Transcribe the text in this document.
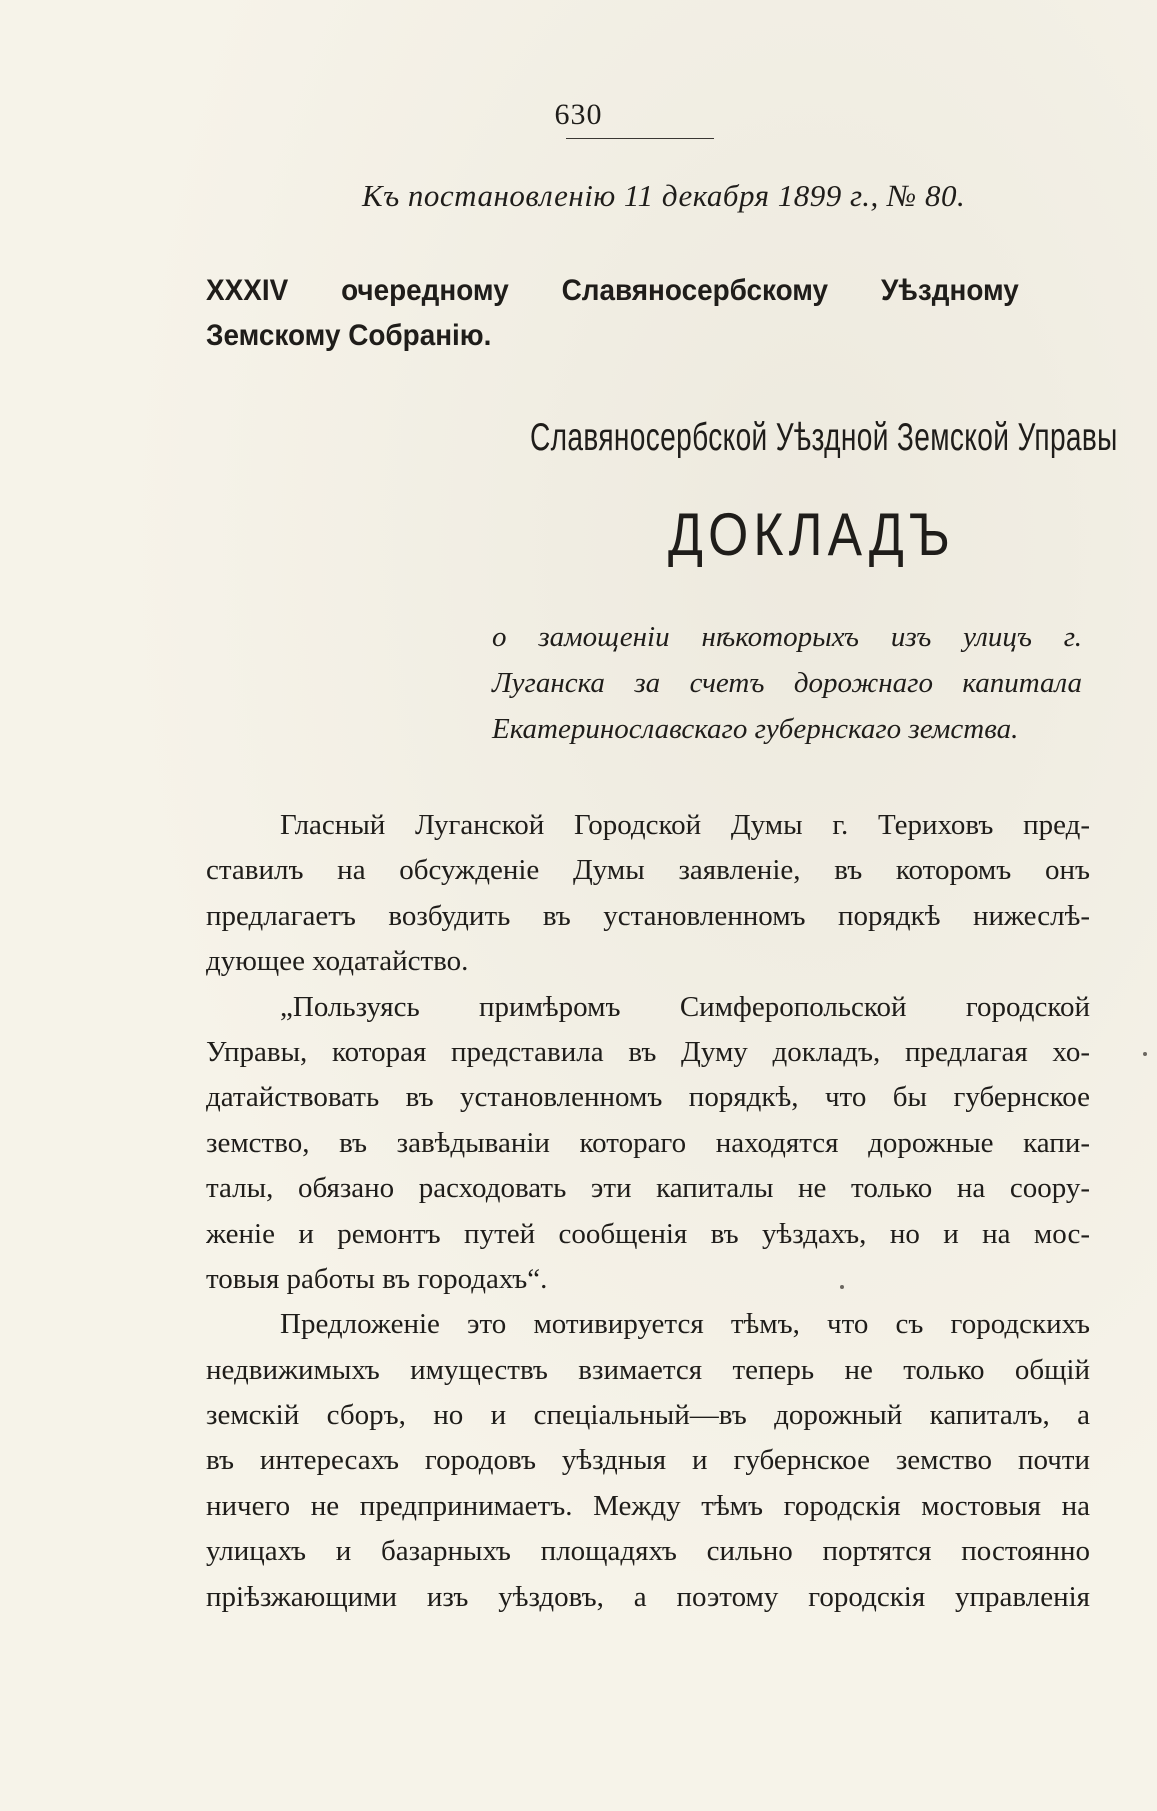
630
Къ постановленію 11 декабря 1899 г., № 80.
XXXIV очередному Славяносербскому Уѣздному Земскому Собранію.
Славяносербской Уѣздной Земской Управы
ДОКЛАДЪ
о замощеніи нѣкоторыхъ изъ улицъ г.
Луганска за счетъ дорожнаго капитала
Екатеринославскаго губернскаго земства.
Гласный Луганской Городской Думы г. Териховъ пред-
ставилъ на обсужденіе Думы заявленіе, въ которомъ онъ
предлагаетъ возбудить въ установленномъ порядкѣ нижеслѣ-
дующее ходатайство.
„Пользуясь примѣромъ Симферопольской городской
Управы, которая представила въ Думу докладъ, предлагая хо-
датайствовать въ установленномъ порядкѣ, что бы губернское
земство, въ завѣдываніи котораго находятся дорожные капи-
талы, обязано расходовать эти капиталы не только на соору-
женіе и ремонтъ путей сообщенія въ уѣздахъ, но и на мос-
товыя работы въ городахъ“.
Предложеніе это мотивируется тѣмъ, что съ городскихъ
недвижимыхъ имуществъ взимается теперь не только общій
земскій сборъ, но и спеціальный—въ дорожный капиталъ, а
въ интересахъ городовъ уѣздныя и губернское земство почти
ничего не предпринимаетъ. Между тѣмъ городскія мостовыя на
улицахъ и базарныхъ площадяхъ сильно портятся постоянно
пріѣзжающими изъ уѣздовъ, а поэтому городскія управленія
